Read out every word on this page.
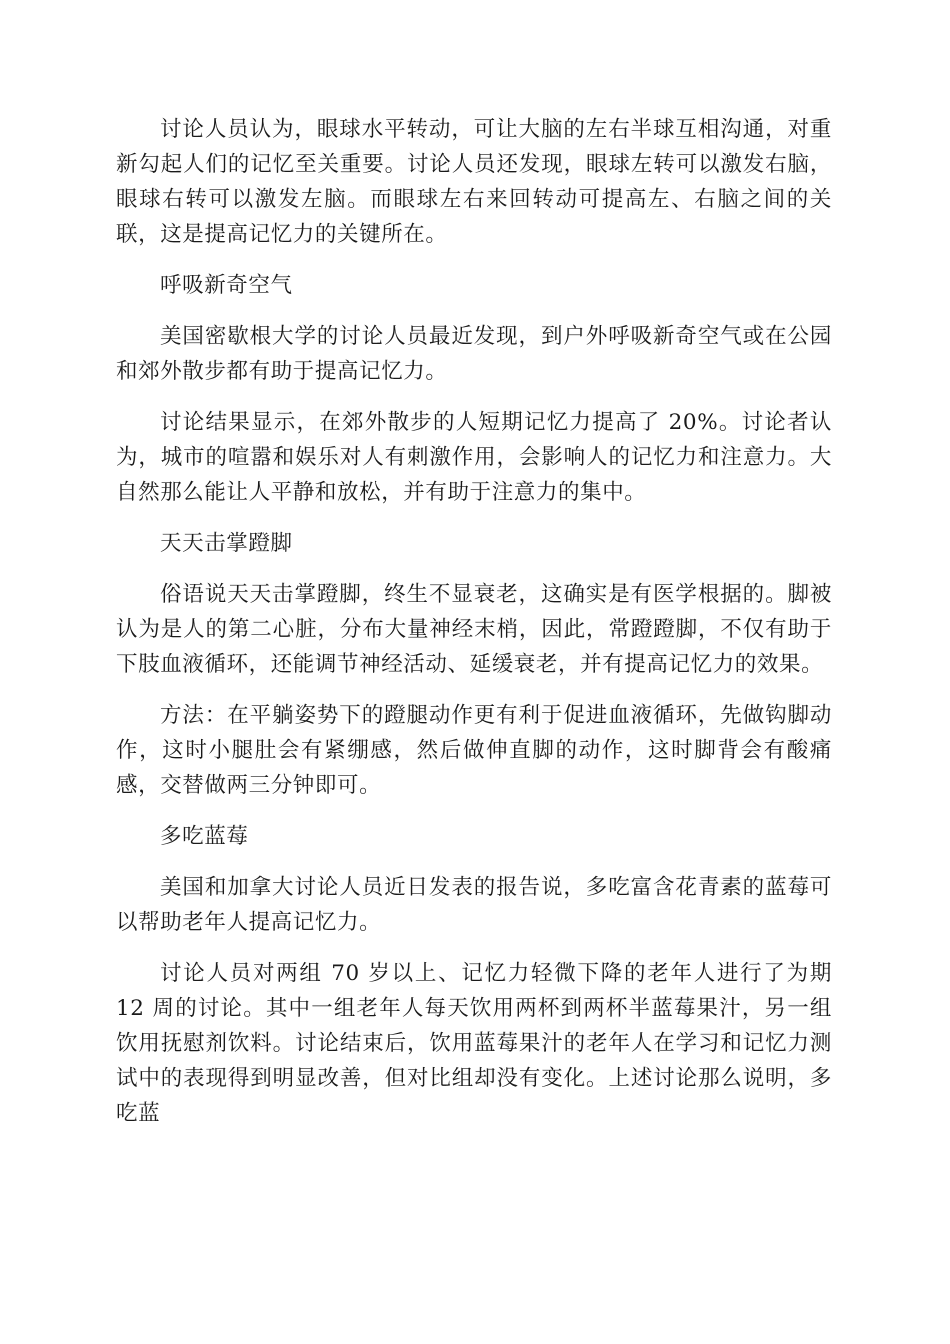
讨论人员认为，眼球水平转动，可让大脑的左右半球互相沟通，对重新勾起人们的记忆至关重要。讨论人员还发现，眼球左转可以激发右脑，眼球右转可以激发左脑。而眼球左右来回转动可提高左、右脑之间的关联，这是提高记忆力的关键所在。

呼吸新奇空气

美国密歇根大学的讨论人员最近发现，到户外呼吸新奇空气或在公园和郊外散步都有助于提高记忆力。

讨论结果显示，在郊外散步的人短期记忆力提高了 20%。讨论者认为，城市的喧嚣和娱乐对人有刺激作用，会影响人的记忆力和注意力。大自然那么能让人平静和放松，并有助于注意力的集中。

天天击掌蹬脚

俗语说天天击掌蹬脚，终生不显衰老，这确实是有医学根据的。脚被认为是人的第二心脏，分布大量神经末梢，因此，常蹬蹬脚，不仅有助于下肢血液循环，还能调节神经活动、延缓衰老，并有提高记忆力的效果。

方法：在平躺姿势下的蹬腿动作更有利于促进血液循环，先做钩脚动作，这时小腿肚会有紧绷感，然后做伸直脚的动作，这时脚背会有酸痛感，交替做两三分钟即可。

多吃蓝莓

美国和加拿大讨论人员近日发表的报告说，多吃富含花青素的蓝莓可以帮助老年人提高记忆力。

讨论人员对两组 70 岁以上、记忆力轻微下降的老年人进行了为期 12 周的讨论。其中一组老年人每天饮用两杯到两杯半蓝莓果汁，另一组饮用抚慰剂饮料。讨论结束后，饮用蓝莓果汁的老年人在学习和记忆力测试中的表现得到明显改善，但对比组却没有变化。上述讨论那么说明，多吃蓝
